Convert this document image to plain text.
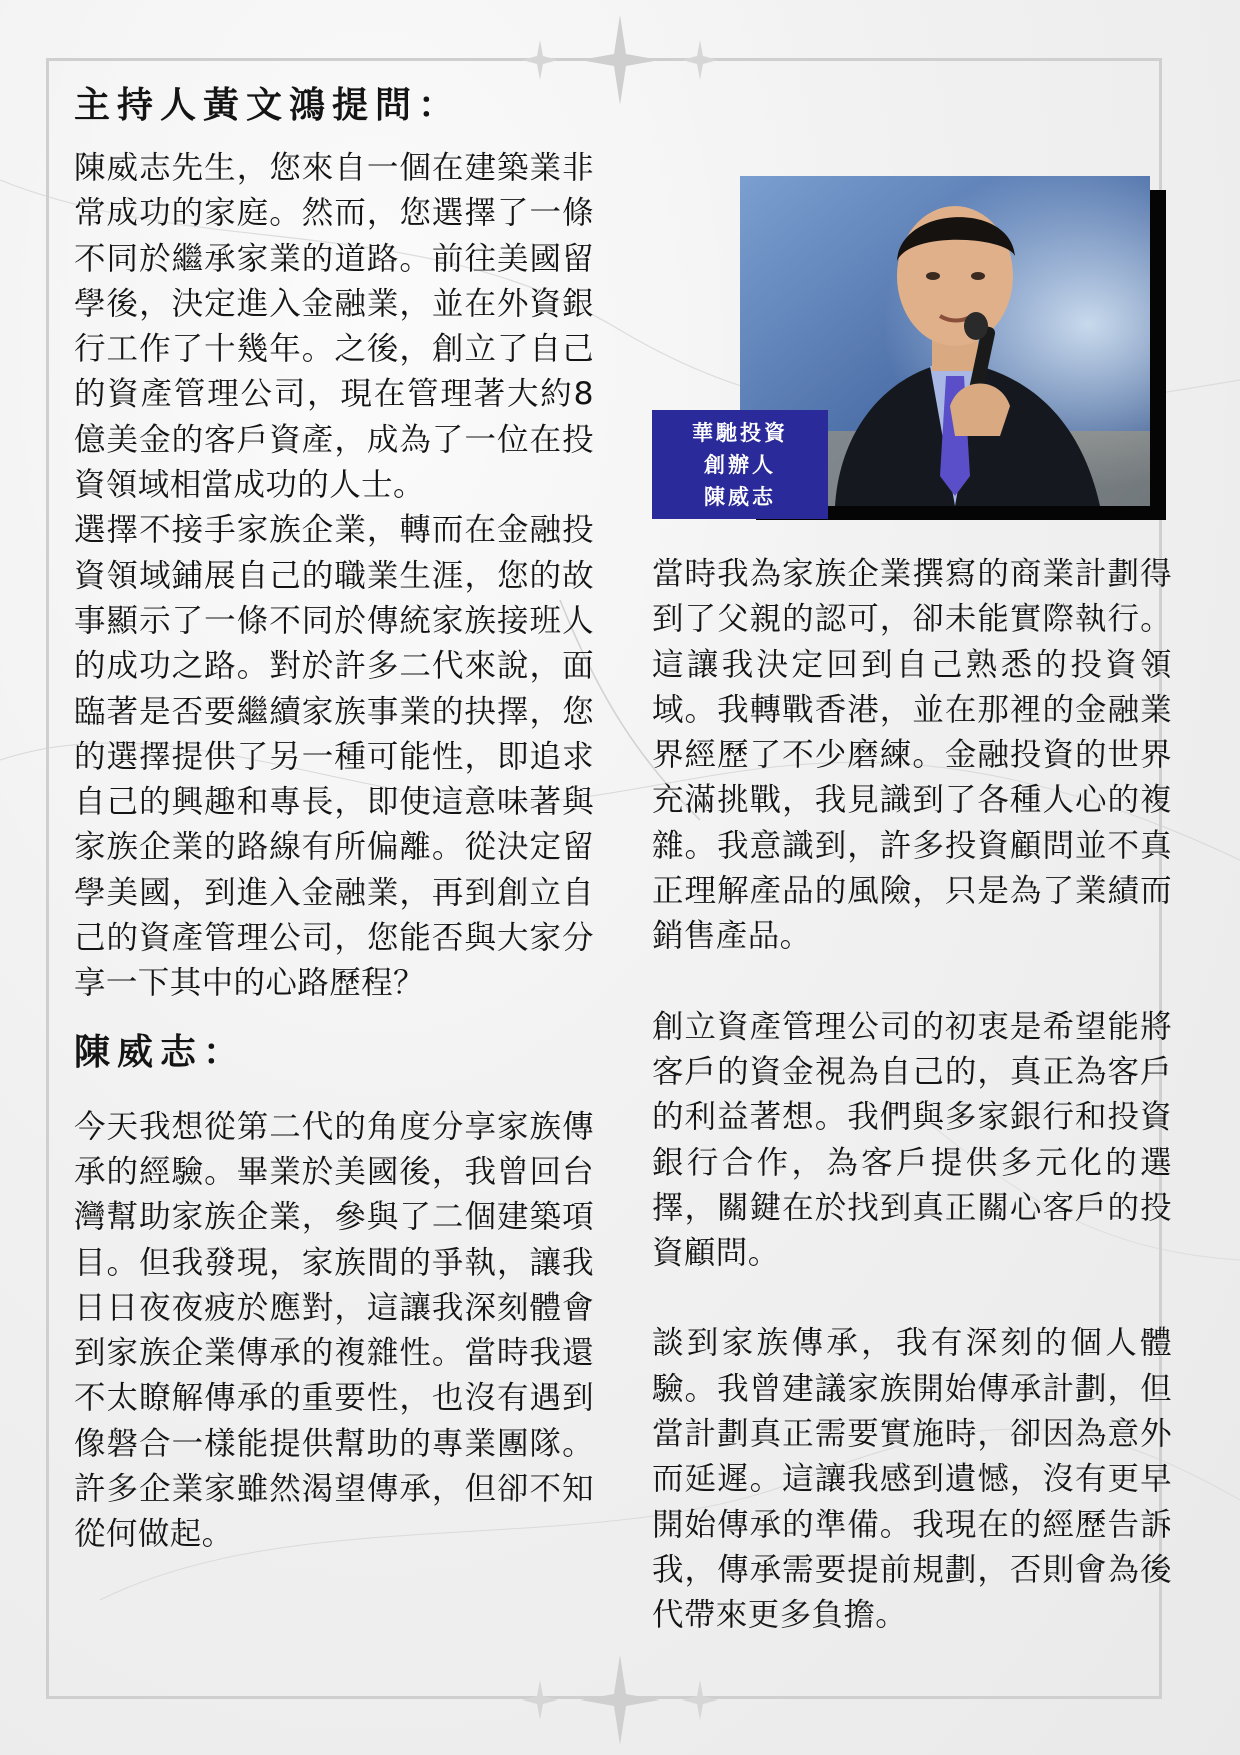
主持人黃文鴻提問：

陳威志先生，您來自一個在建築業非常成功的家庭。然而，您選擇了一條不同於繼承家業的道路。前往美國留學後，決定進入金融業，並在外資銀行工作了十幾年。之後，創立了自己的資產管理公司，現在管理著大約8億美金的客戶資產，成為了一位在投資領域相當成功的人士。

選擇不接手家族企業，轉而在金融投資領域鋪展自己的職業生涯，您的故事顯示了一條不同於傳統家族接班人的成功之路。對於許多二代來說，面臨著是否要繼續家族事業的抉擇，您的選擇提供了另一種可能性，即追求自己的興趣和專長，即使這意味著與家族企業的路線有所偏離。從決定留學美國，到進入金融業，再到創立自己的資產管理公司，您能否與大家分享一下其中的心路歷程？

陳威志：

今天我想從第二代的角度分享家族傳承的經驗。畢業於美國後，我曾回台灣幫助家族企業，參與了二個建築項目。但我發現，家族間的爭執，讓我日日夜夜疲於應對，這讓我深刻體會到家族企業傳承的複雜性。當時我還不太瞭解傳承的重要性，也沒有遇到像磐合一樣能提供幫助的專業團隊。許多企業家雖然渴望傳承，但卻不知從何做起。

華馳投資
創辦人
陳威志

當時我為家族企業撰寫的商業計劃得到了父親的認可，卻未能實際執行。這讓我決定回到自己熟悉的投資領域。我轉戰香港，並在那裡的金融業界經歷了不少磨練。金融投資的世界充滿挑戰，我見識到了各種人心的複雜。我意識到，許多投資顧問並不真正理解產品的風險，只是為了業績而銷售產品。

創立資產管理公司的初衷是希望能將客戶的資金視為自己的，真正為客戶的利益著想。我們與多家銀行和投資銀行合作，為客戶提供多元化的選擇，關鍵在於找到真正關心客戶的投資顧問。

談到家族傳承，我有深刻的個人體驗。我曾建議家族開始傳承計劃，但當計劃真正需要實施時，卻因為意外而延遲。這讓我感到遺憾，沒有更早開始傳承的準備。我現在的經歷告訴我，傳承需要提前規劃，否則會為後代帶來更多負擔。
